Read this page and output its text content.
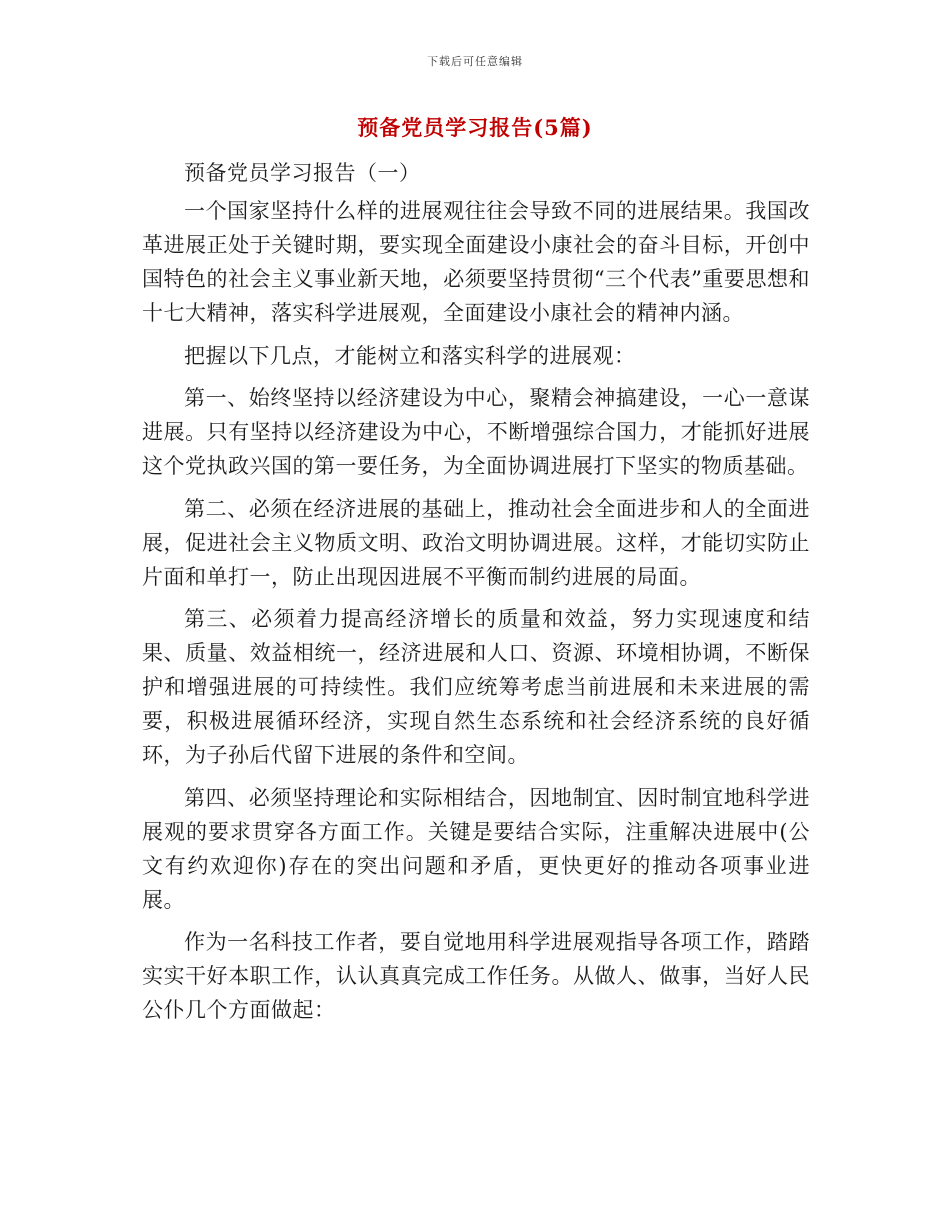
下载后可任意编辑
预备党员学习报告(5篇)

预备党员学习报告（一）

一个国家坚持什么样的进展观往往会导致不同的进展结果。我国改革进展正处于关键时期，要实现全面建设小康社会的奋斗目标，开创中国特色的社会主义事业新天地，必须要坚持贯彻“三个代表”重要思想和十七大精神，落实科学进展观，全面建设小康社会的精神内涵。

把握以下几点，才能树立和落实科学的进展观：

第一、始终坚持以经济建设为中心，聚精会神搞建设，一心一意谋进展。只有坚持以经济建设为中心，不断增强综合国力，才能抓好进展这个党执政兴国的第一要任务，为全面协调进展打下坚实的物质基础。

第二、必须在经济进展的基础上，推动社会全面进步和人的全面进展，促进社会主义物质文明、政治文明协调进展。这样，才能切实防止片面和单打一，防止出现因进展不平衡而制约进展的局面。

第三、必须着力提高经济增长的质量和效益，努力实现速度和结果、质量、效益相统一，经济进展和人口、资源、环境相协调，不断保护和增强进展的可持续性。我们应统筹考虑当前进展和未来进展的需要，积极进展循环经济，实现自然生态系统和社会经济系统的良好循环，为子孙后代留下进展的条件和空间。

第四、必须坚持理论和实际相结合，因地制宜、因时制宜地科学进展观的要求贯穿各方面工作。关键是要结合实际，注重解决进展中(公文有约欢迎你)存在的突出问题和矛盾，更快更好的推动各项事业进展。

作为一名科技工作者，要自觉地用科学进展观指导各项工作，踏踏实实干好本职工作，认认真真完成工作任务。从做人、做事，当好人民公仆几个方面做起：
